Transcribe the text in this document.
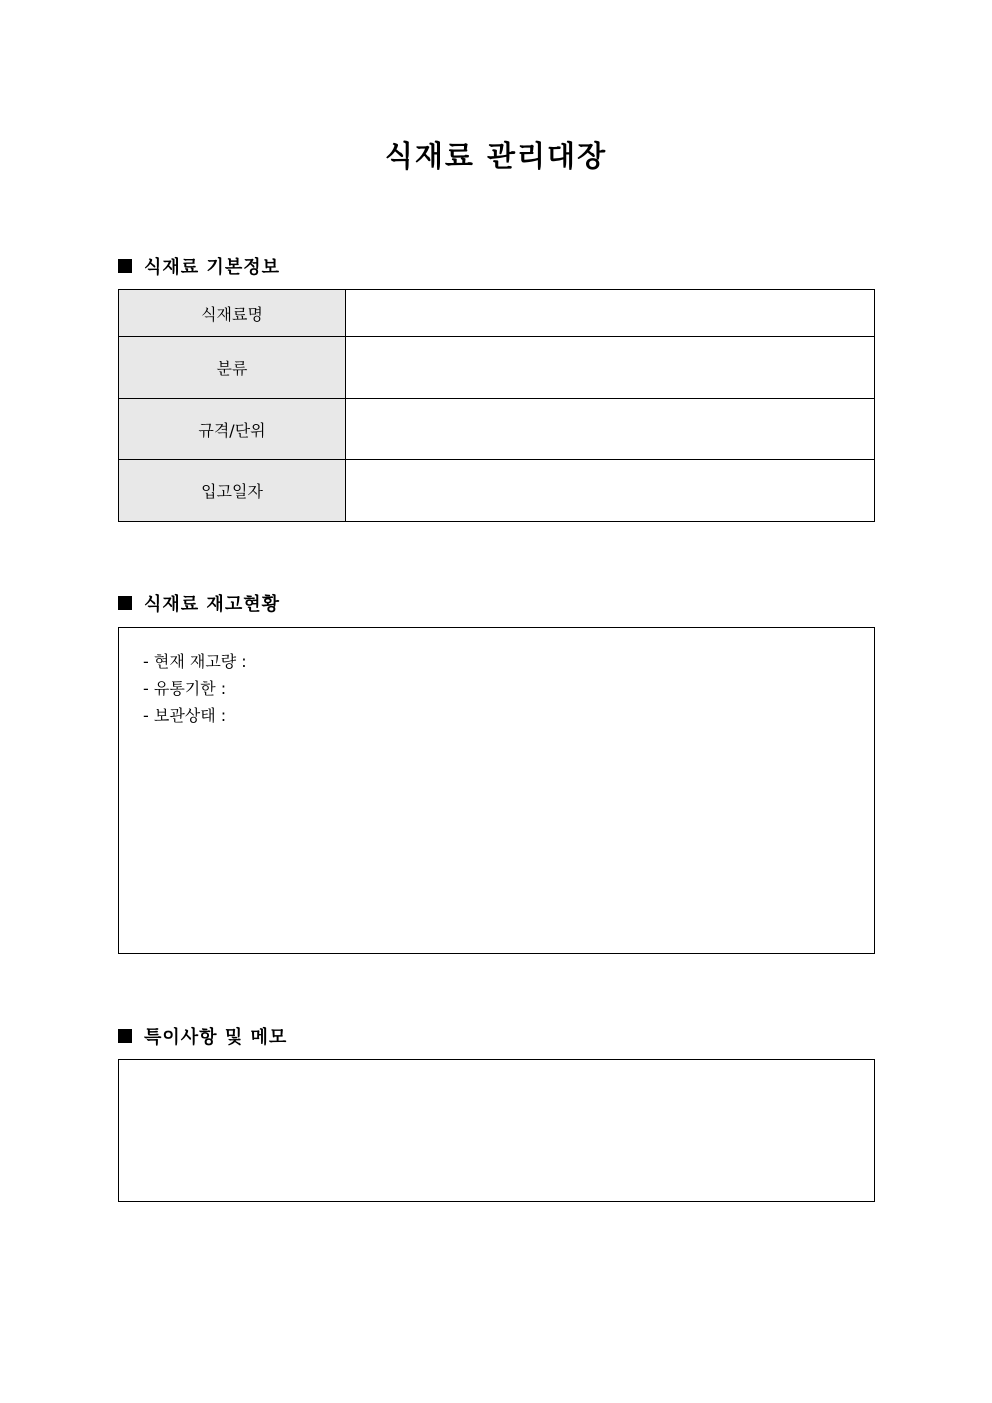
식재료 관리대장
식재료 기본정보
식재료명	
분류	
규격/단위	
입고일자	
식재료 재고현황
- 현재 재고량 :
- 유통기한 :
- 보관상태 :
특이사항 및 메모
